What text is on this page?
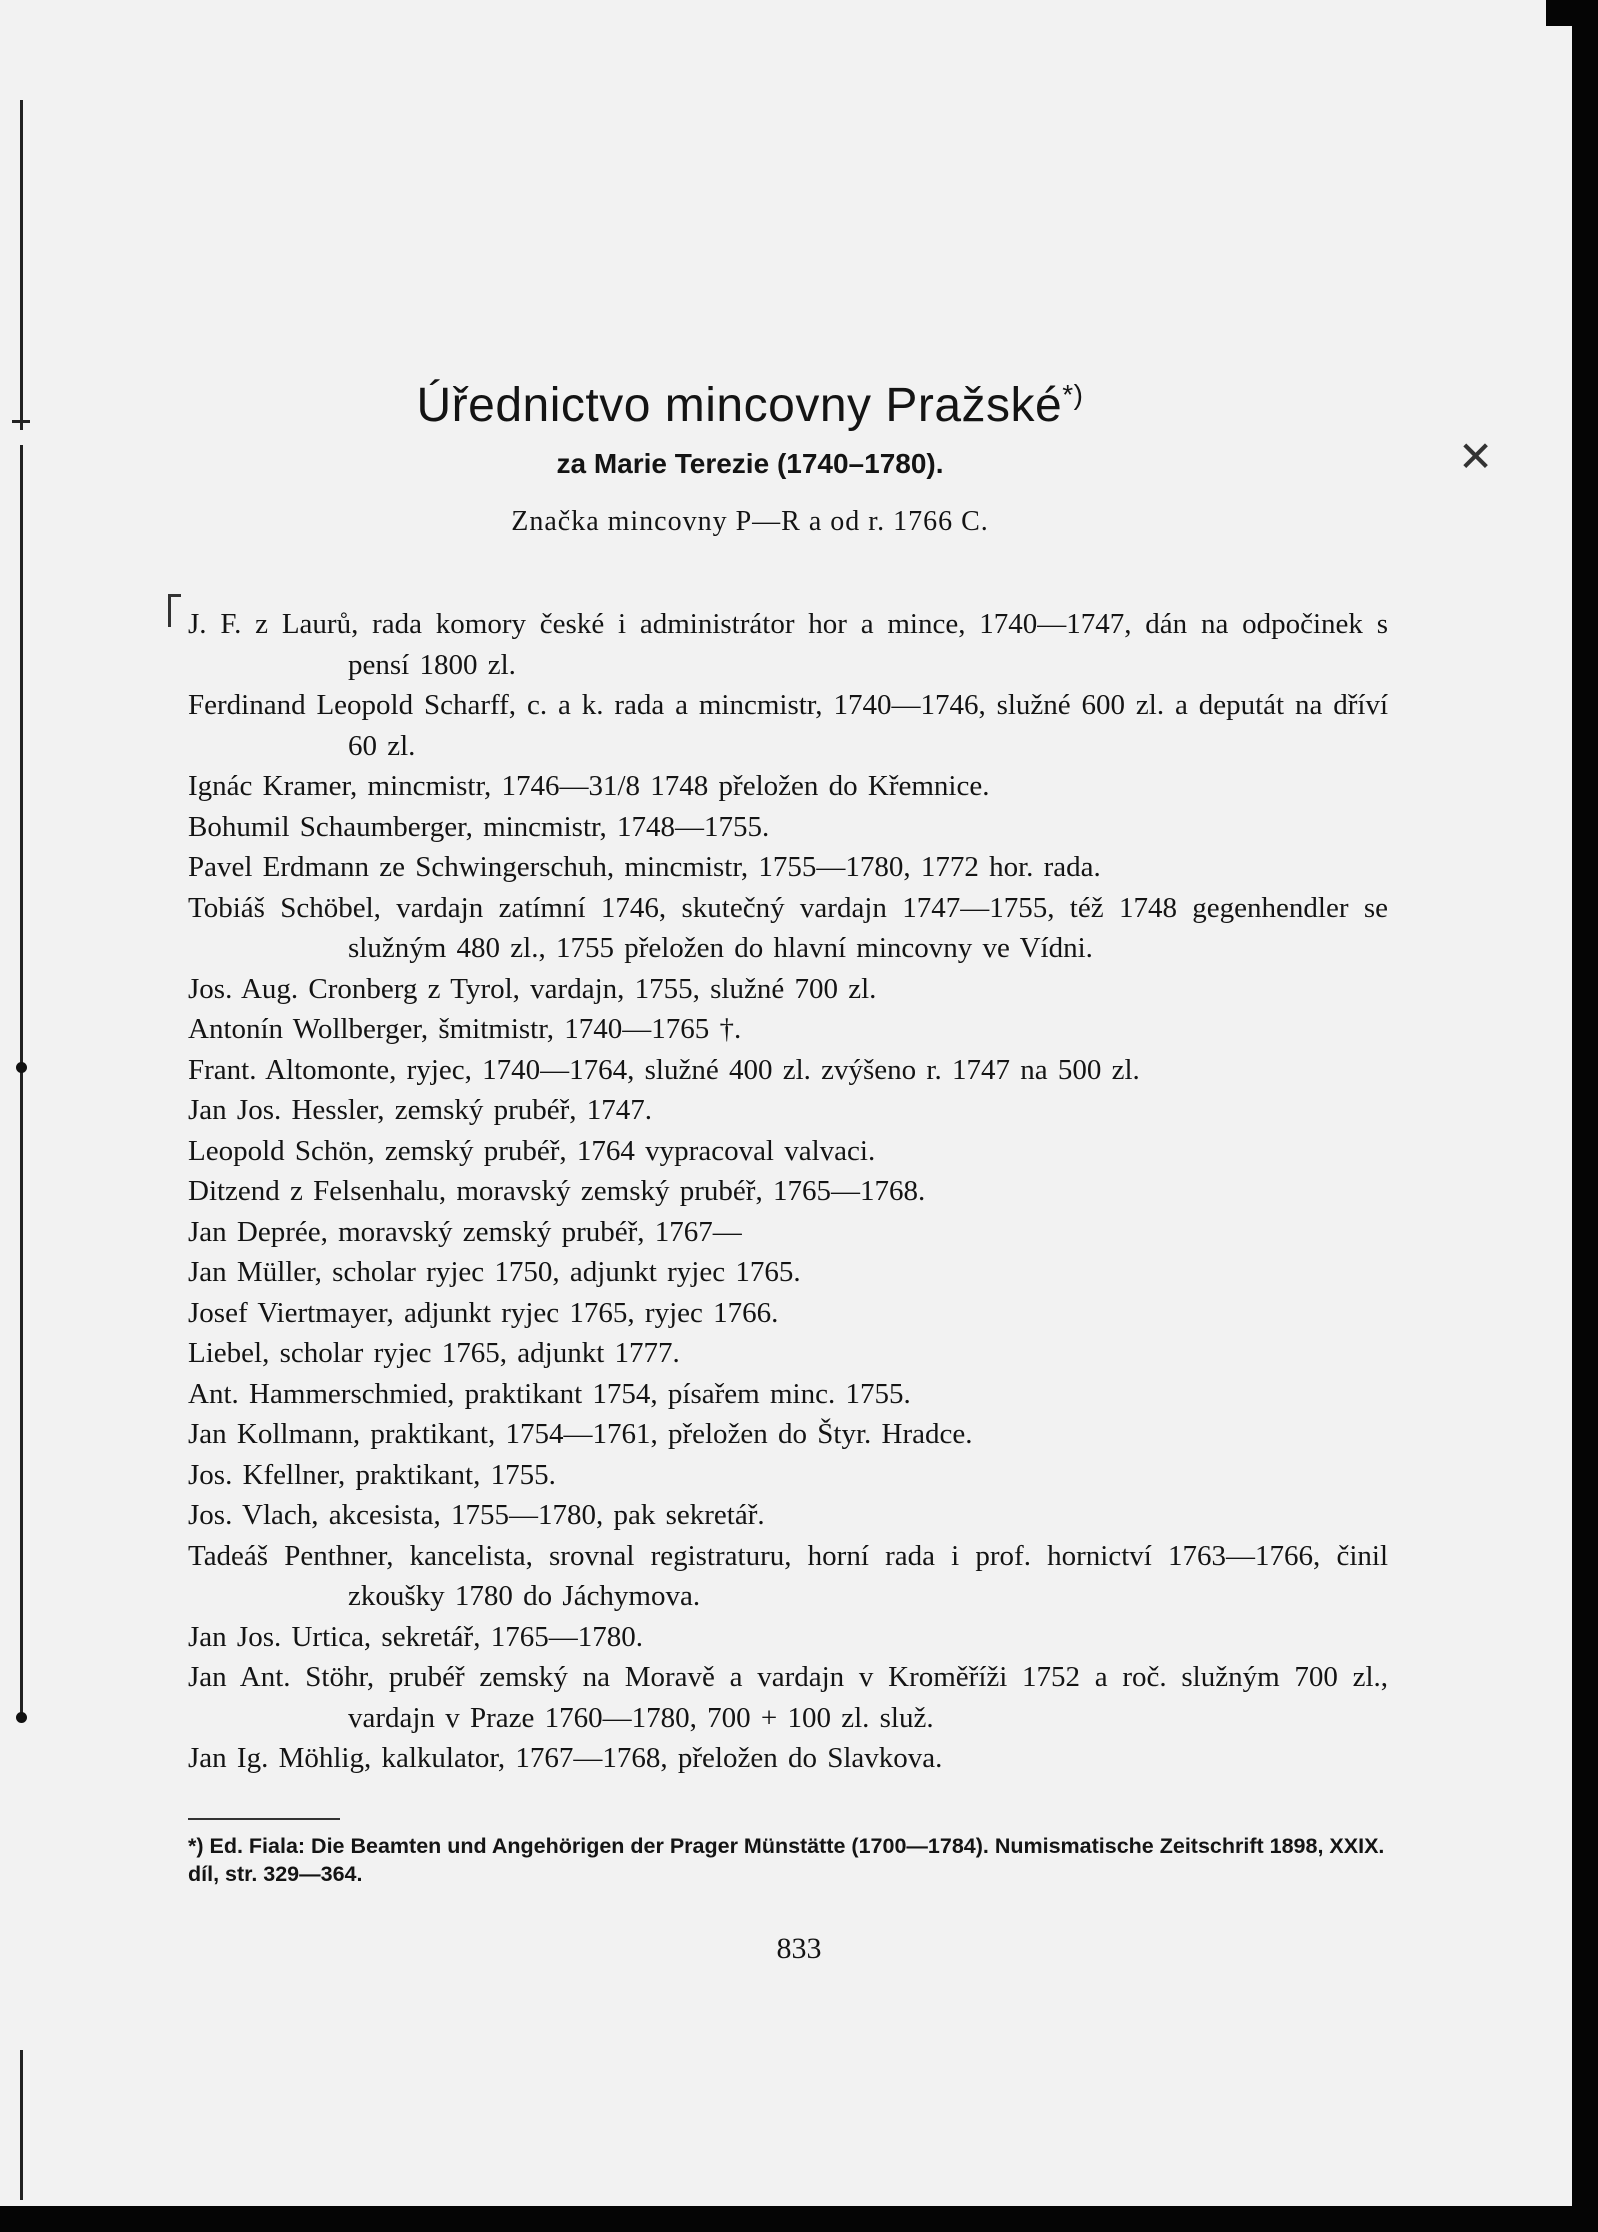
Úřednictvo mincovny Pražské*)
za Marie Terezie (1740–1780).
Značka mincovny P—R a od r. 1766 C.
✕
J. F. z Laurů, rada komory české i administrátor hor a mince, 1740—1747, dán na odpočinek s pensí 1800 zl.
Ferdinand Leopold Scharff, c. a k. rada a mincmistr, 1740—1746, služné 600 zl. a deputát na dříví 60 zl.
Ignác Kramer, mincmistr, 1746—31/8 1748 přeložen do Křemnice.
Bohumil Schaumberger, mincmistr, 1748—1755.
Pavel Erdmann ze Schwingerschuh, mincmistr, 1755—1780, 1772 hor. rada.
Tobiáš Schöbel, vardajn zatímní 1746, skutečný vardajn 1747—1755, též 1748 gegenhendler se služným 480 zl., 1755 přeložen do hlavní mincovny ve Vídni.
Jos. Aug. Cronberg z Tyrol, vardajn, 1755, služné 700 zl.
Antonín Wollberger, šmitmistr, 1740—1765 †.
Frant. Altomonte, ryjec, 1740—1764, služné 400 zl. zvýšeno r. 1747 na 500 zl.
Jan Jos. Hessler, zemský prubéř, 1747.
Leopold Schön, zemský prubéř, 1764 vypracoval valvaci.
Ditzend z Felsenhalu, moravský zemský prubéř, 1765—1768.
Jan Deprée, moravský zemský prubéř, 1767—
Jan Müller, scholar ryjec 1750, adjunkt ryjec 1765.
Josef Viertmayer, adjunkt ryjec 1765, ryjec 1766.
Liebel, scholar ryjec 1765, adjunkt 1777.
Ant. Hammerschmied, praktikant 1754, písařem minc. 1755.
Jan Kollmann, praktikant, 1754—1761, přeložen do Štyr. Hradce.
Jos. Kfellner, praktikant, 1755.
Jos. Vlach, akcesista, 1755—1780, pak sekretář.
Tadeáš Penthner, kancelista, srovnal registraturu, horní rada i prof. hornictví 1763—1766, činil zkoušky 1780 do Jáchymova.
Jan Jos. Urtica, sekretář, 1765—1780.
Jan Ant. Stöhr, prubéř zemský na Moravě a vardajn v Kroměříži 1752 a roč. služným 700 zl., vardajn v Praze 1760—1780, 700 + 100 zl. služ.
Jan Ig. Möhlig, kalkulator, 1767—1768, přeložen do Slavkova.
*) Ed. Fiala: Die Beamten und Angehörigen der Prager Münstätte (1700—1784). Numismatische Zeitschrift 1898, XXIX. díl, str. 329—364.
833
